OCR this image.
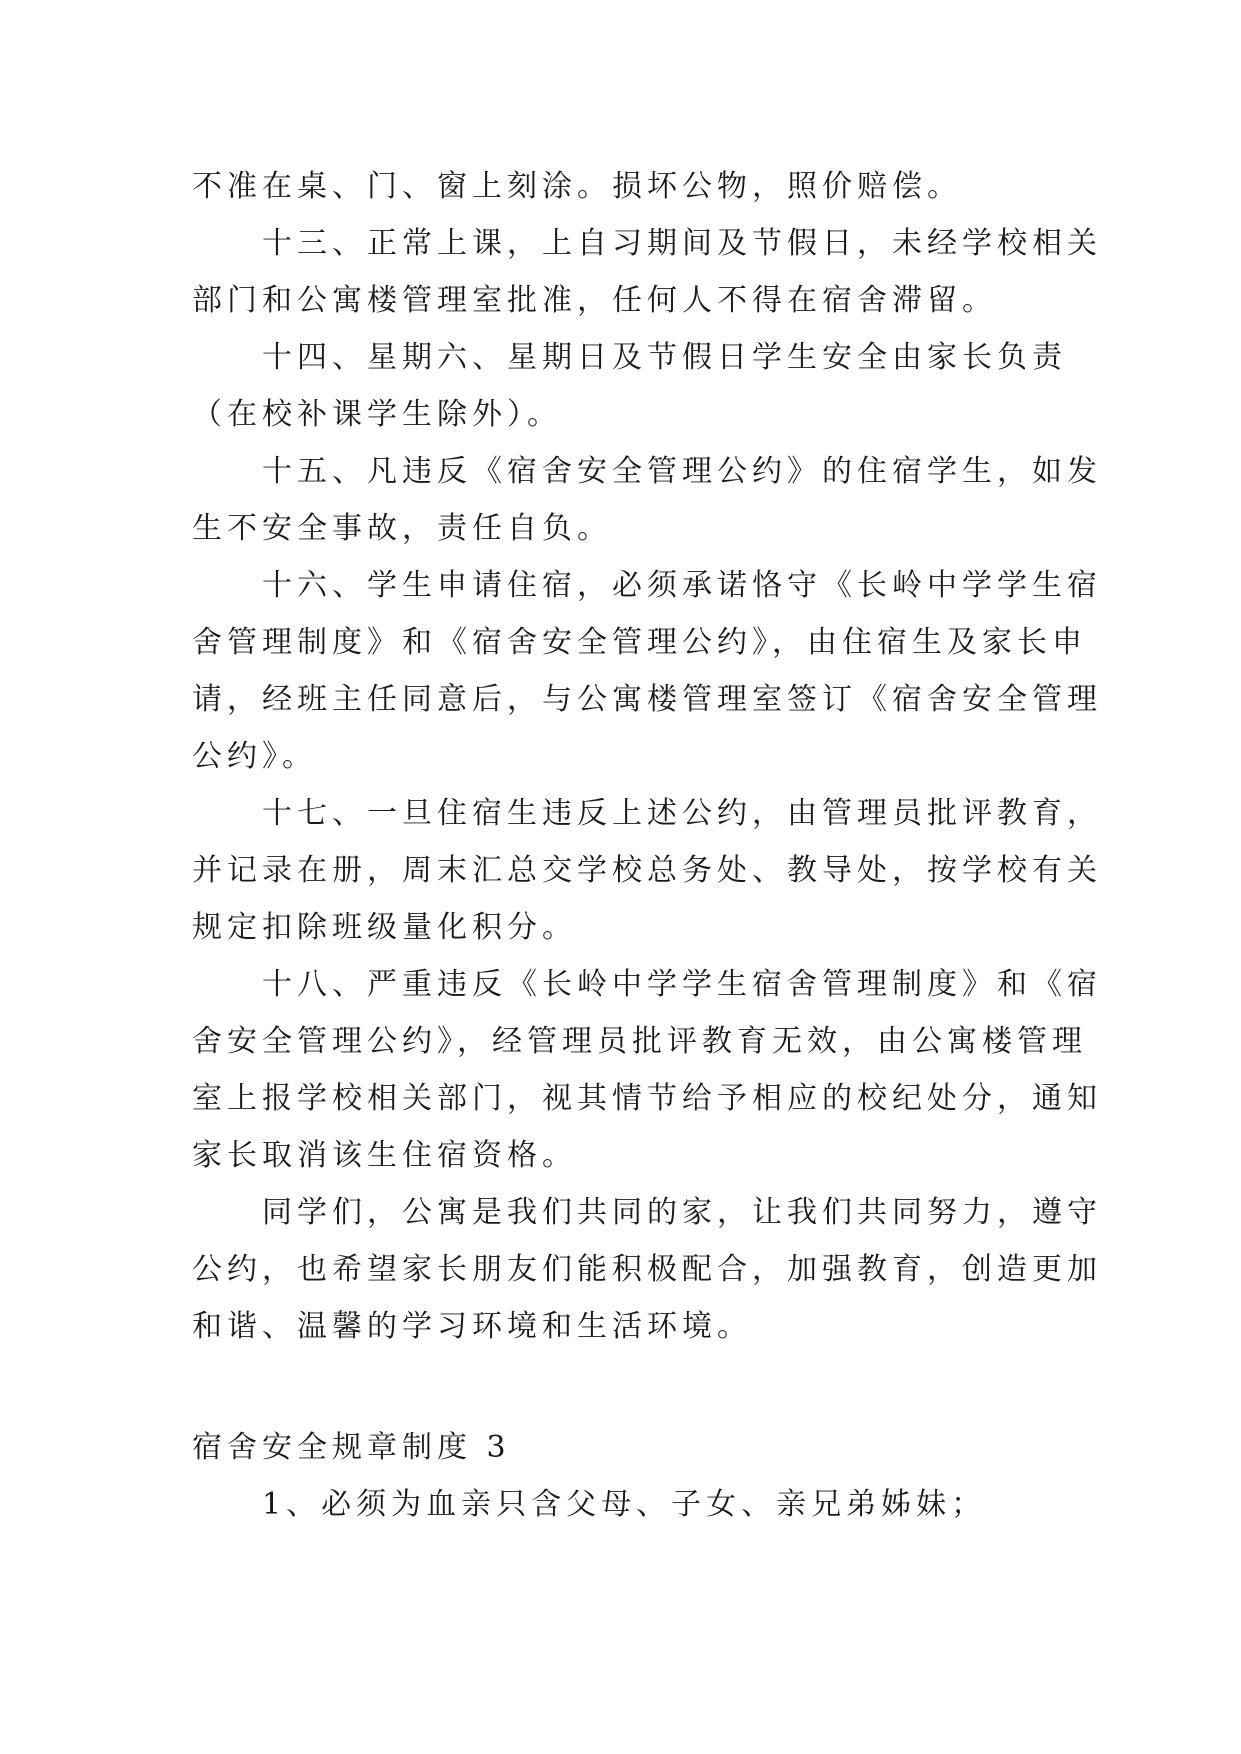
不准在桌、门、窗上刻涂。损坏公物，照价赔偿。
　　十三、正常上课，上自习期间及节假日，未经学校相关
部门和公寓楼管理室批准，任何人不得在宿舍滞留。
　　十四、星期六、星期日及节假日学生安全由家长负责
（在校补课学生除外）。
　　十五、凡违反《宿舍安全管理公约》的住宿学生，如发
生不安全事故，责任自负。
　　十六、学生申请住宿，必须承诺恪守《长岭中学学生宿
舍管理制度》和《宿舍安全管理公约》，由住宿生及家长申
请，经班主任同意后，与公寓楼管理室签订《宿舍安全管理
公约》。
　　十七、一旦住宿生违反上述公约，由管理员批评教育，
并记录在册，周末汇总交学校总务处、教导处，按学校有关
规定扣除班级量化积分。
　　十八、严重违反《长岭中学学生宿舍管理制度》和《宿
舍安全管理公约》，经管理员批评教育无效，由公寓楼管理
室上报学校相关部门，视其情节给予相应的校纪处分，通知
家长取消该生住宿资格。
　　同学们，公寓是我们共同的家，让我们共同努力，遵守
公约，也希望家长朋友们能积极配合，加强教育，创造更加
和谐、温馨的学习环境和生活环境。
宿舍安全规章制度 3
　　1、必须为血亲只含父母、子女、亲兄弟姊妹；
